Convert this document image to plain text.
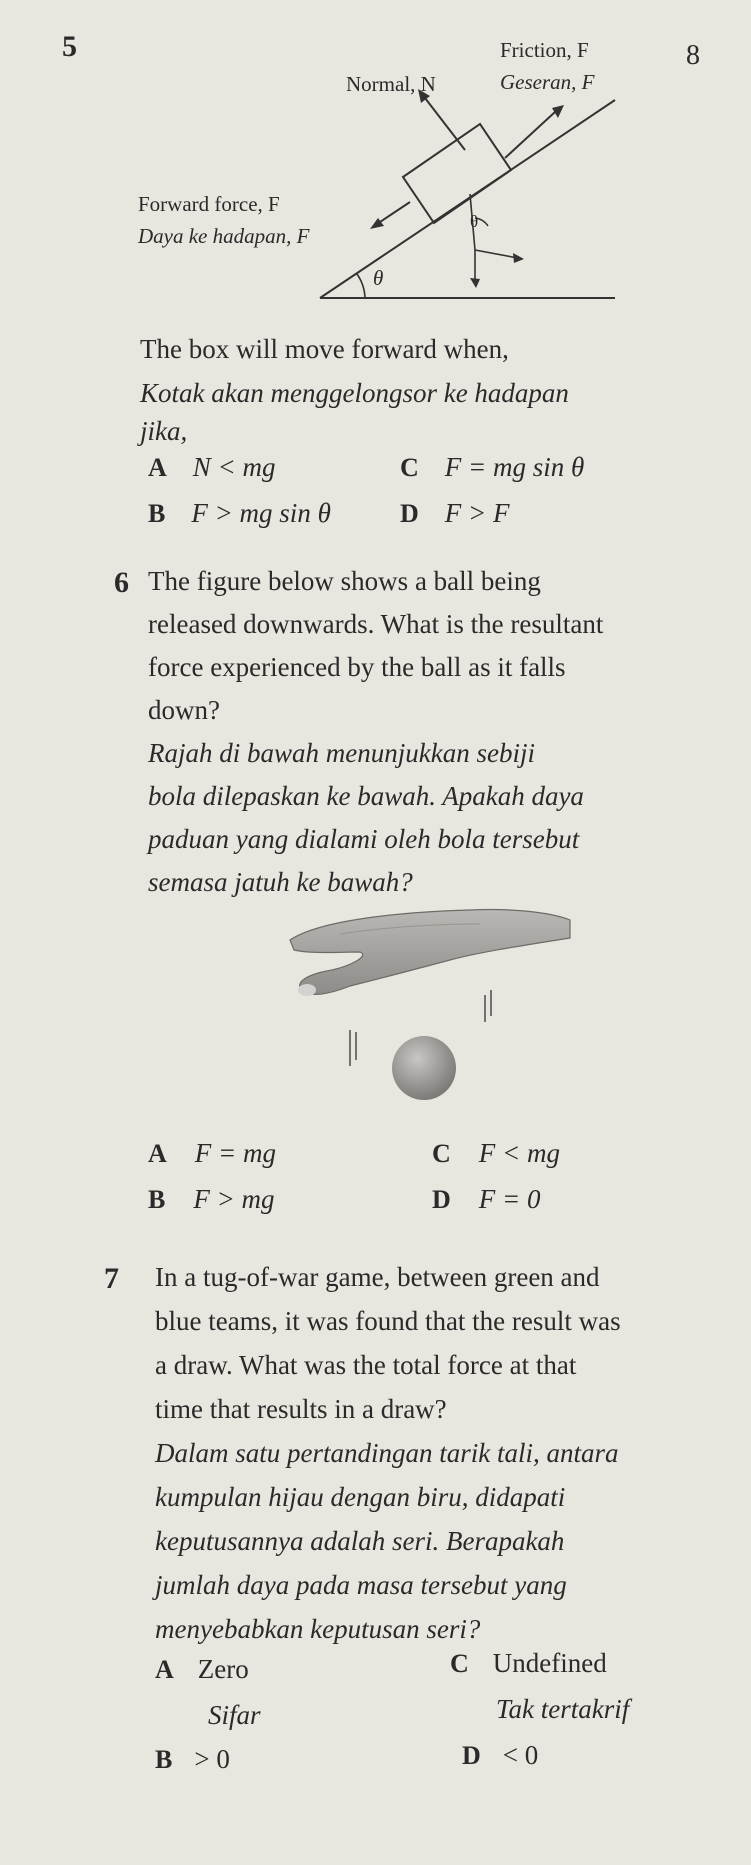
5	8
Friction, F
Geseran, F
Normal, N
Forward force, F
Daya ke hadapan, F
θ
θ
The box will move forward when,
Kotak akan menggelongsor ke hadapan
jika,
A N < mg	C F = mg sin θ
B F > mg sin θ	D F > F
6 The figure below shows a ball being
released downwards. What is the resultant
force experienced by the ball as it falls
down?
Rajah di bawah menunjukkan sebiji
bola dilepaskan ke bawah. Apakah daya
paduan yang dialami oleh bola tersebut
semasa jatuh ke bawah?
A F = mg	C F < mg
B F > mg	D F = 0
7 In a tug-of-war game, between green and
blue teams, it was found that the result was
a draw. What was the total force at that
time that results in a draw?
Dalam satu pertandingan tarik tali, antara
kumpulan hijau dengan biru, didapati
keputusannya adalah seri. Berapakah
jumlah daya pada masa tersebut yang
menyebabkan keputusan seri?
A Zero
Sifar
C Undefined
Tak tertakrif
B > 0	D < 0
